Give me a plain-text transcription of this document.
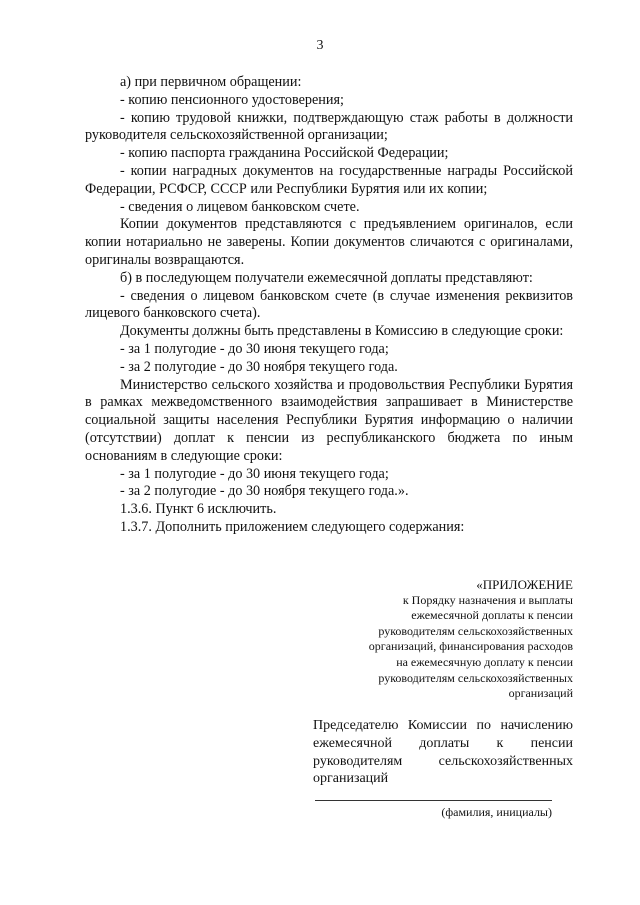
3

а) при первичном обращении:

- копию пенсионного удостоверения;

- копию трудовой книжки, подтверждающую стаж работы в должности руководителя сельскохозяйственной организации;

- копию паспорта гражданина Российской Федерации;

- копии наградных документов на государственные награды Российской Федерации, РСФСР, СССР или Республики Бурятия или их копии;

- сведения о лицевом банковском счете.

Копии документов представляются с предъявлением оригиналов, если копии нотариально не заверены. Копии документов сличаются с оригиналами, оригиналы возвращаются.

б) в последующем получатели ежемесячной доплаты представляют:

- сведения о лицевом банковском счете (в случае изменения реквизитов лицевого банковского счета).

Документы должны быть представлены в Комиссию в следующие сроки:

- за 1 полугодие - до 30 июня текущего года;

- за 2 полугодие - до 30 ноября текущего года.

Министерство сельского хозяйства и продовольствия Республики Бурятия в рамках межведомственного взаимодействия запрашивает в Министерстве социальной защиты населения Республики Бурятия информацию о наличии (отсутствии) доплат к пенсии из республиканского бюджета по иным основаниям в следующие сроки:

- за 1 полугодие - до 30 июня текущего года;

- за 2 полугодие - до 30 ноября текущего года.».

1.3.6. Пункт 6 исключить.

1.3.7. Дополнить приложением следующего содержания:

«ПРИЛОЖЕНИЕ
к Порядку назначения и выплаты
ежемесячной доплаты к пенсии
руководителям сельскохозяйственных
организаций, финансирования расходов
на ежемесячную доплату к пенсии
руководителям сельскохозяйственных
организаций
Председателю Комиссии по начислению ежемесячной доплаты к пенсии руководителям сельскохозяйственных организаций
(фамилия, инициалы)
